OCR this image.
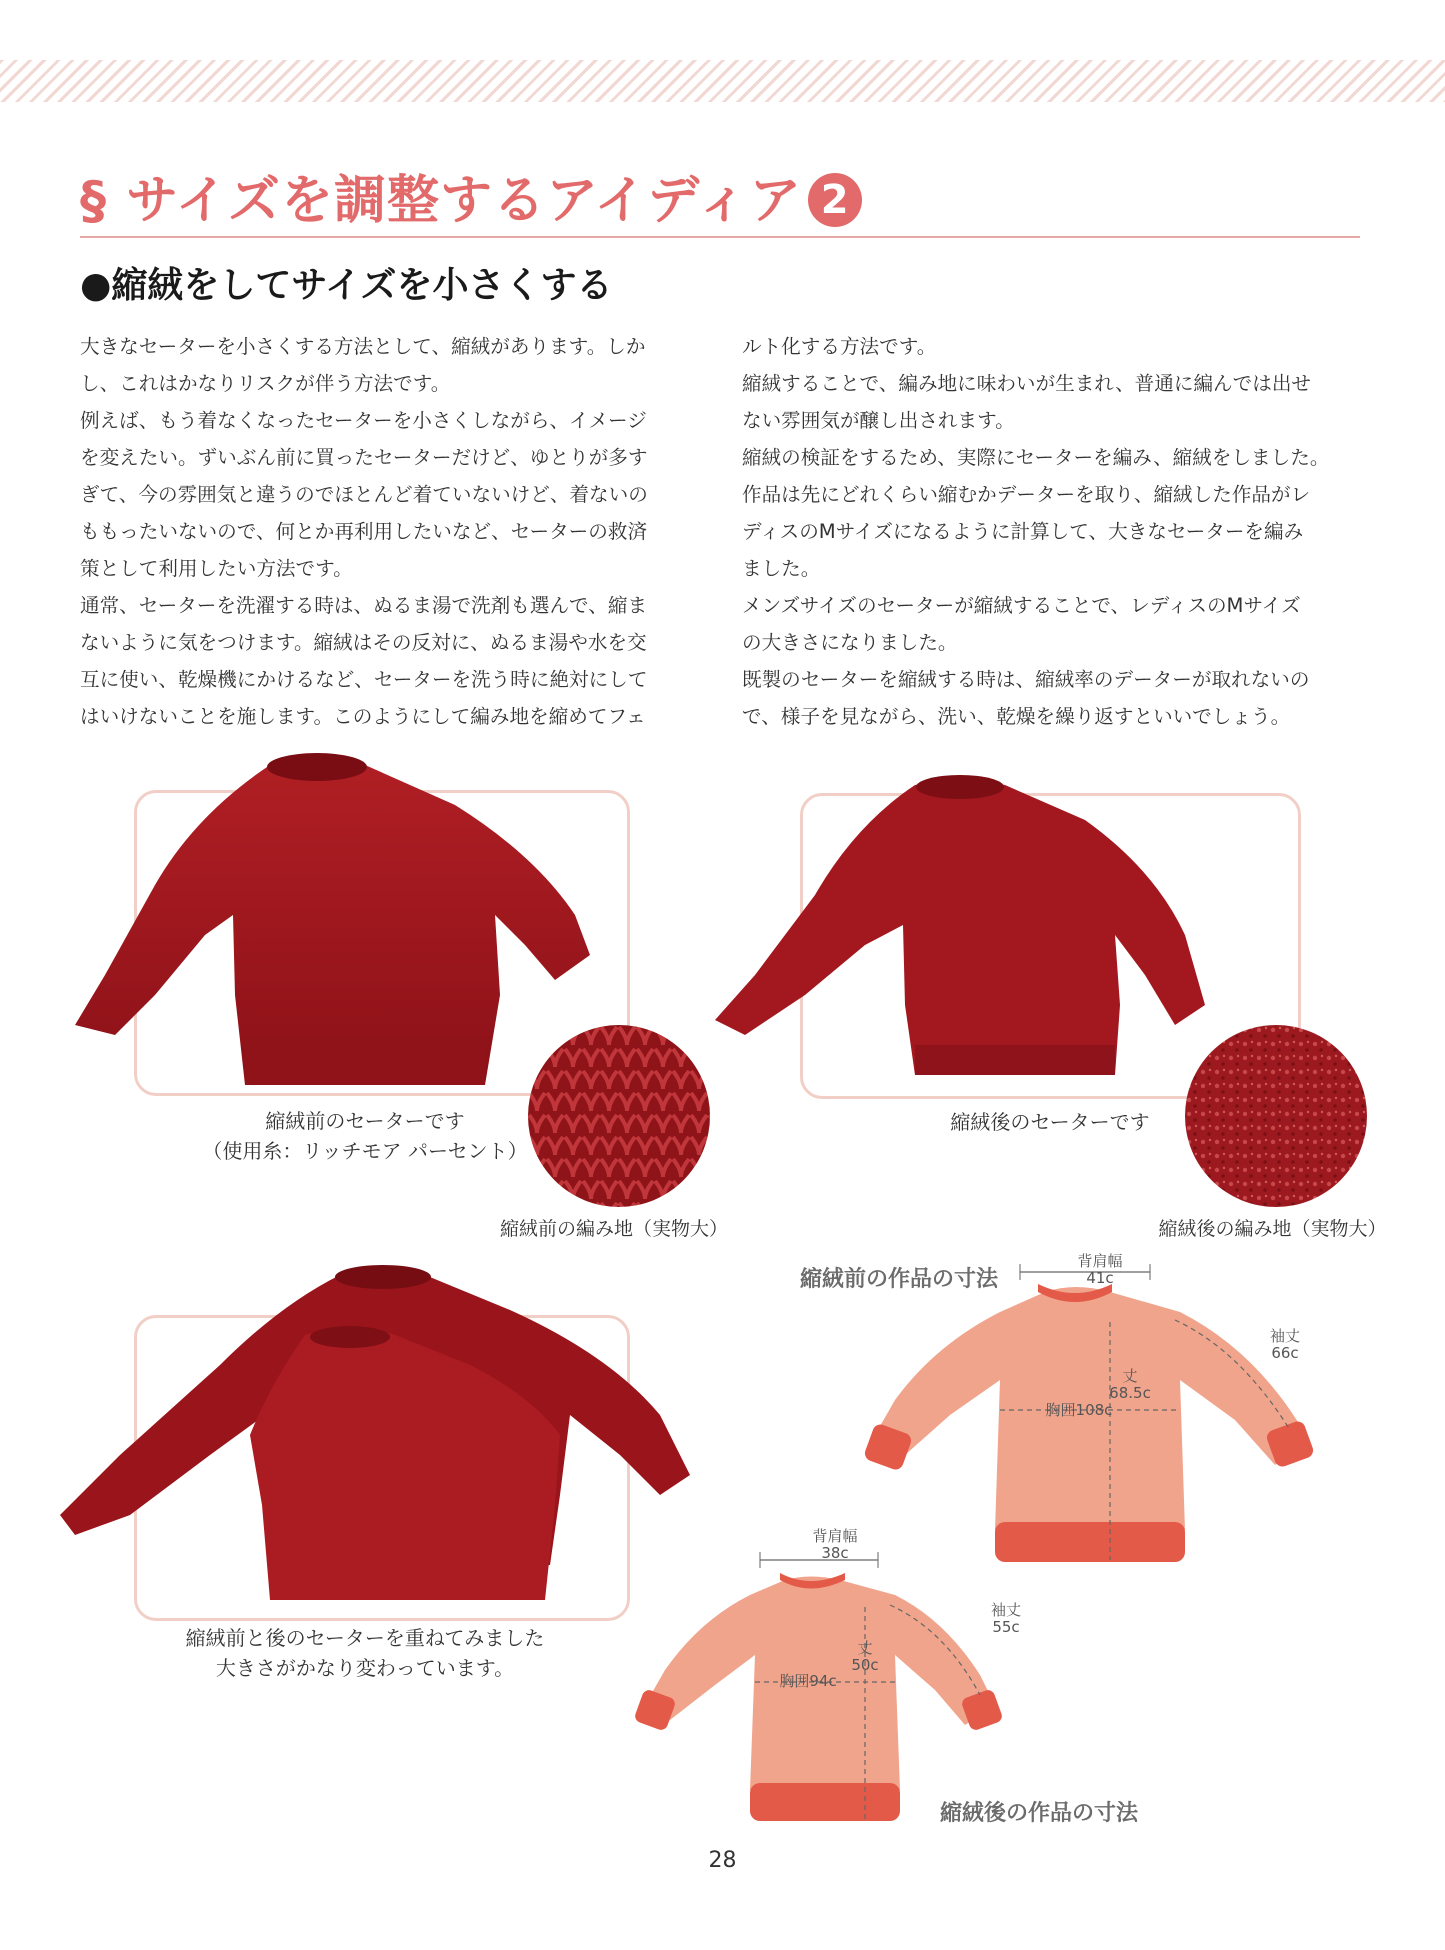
§ サイズを調整するアイディア 2
●縮絨をしてサイズを小さくする

大きなセーターを小さくする方法として、縮絨があります。しか

し、これはかなりリスクが伴う方法です。

例えば、もう着なくなったセーターを小さくしながら、イメージ

を変えたい。ずいぶん前に買ったセーターだけど、ゆとりが多す

ぎて、今の雰囲気と違うのでほとんど着ていないけど、着ないの

ももったいないので、何とか再利用したいなど、セーターの救済

策として利用したい方法です。

通常、セーターを洗濯する時は、ぬるま湯で洗剤も選んで、縮ま

ないように気をつけます。縮絨はその反対に、ぬるま湯や水を交

互に使い、乾燥機にかけるなど、セーターを洗う時に絶対にして

はいけないことを施します。このようにして編み地を縮めてフェ

ルト化する方法です。

縮絨することで、編み地に味わいが生まれ、普通に編んでは出せ

ない雰囲気が醸し出されます。

縮絨の検証をするため、実際にセーターを編み、縮絨をしました。

作品は先にどれくらい縮むかデーターを取り、縮絨した作品がレ

ディスのMサイズになるように計算して、大きなセーターを編み

ました。

メンズサイズのセーターが縮絨することで、レディスのMサイズ

の大きさになりました。

既製のセーターを縮絨する時は、縮絨率のデーターが取れないの

で、様子を見ながら、洗い、乾燥を繰り返すといいでしょう。

縮絨前のセーターです
（使用糸：リッチモア パーセント）
縮絨前の編み地（実物大）
縮絨後のセーターです
縮絨後の編み地（実物大）
縮絨前と後のセーターを重ねてみました
大きさがかなり変わっています。
縮絨前の作品の寸法
背肩幅
41c
袖丈
66c
丈
68.5c
胸囲108c
背肩幅
38c
袖丈
55c
丈
50c
胸囲94c
縮絨後の作品の寸法
28
